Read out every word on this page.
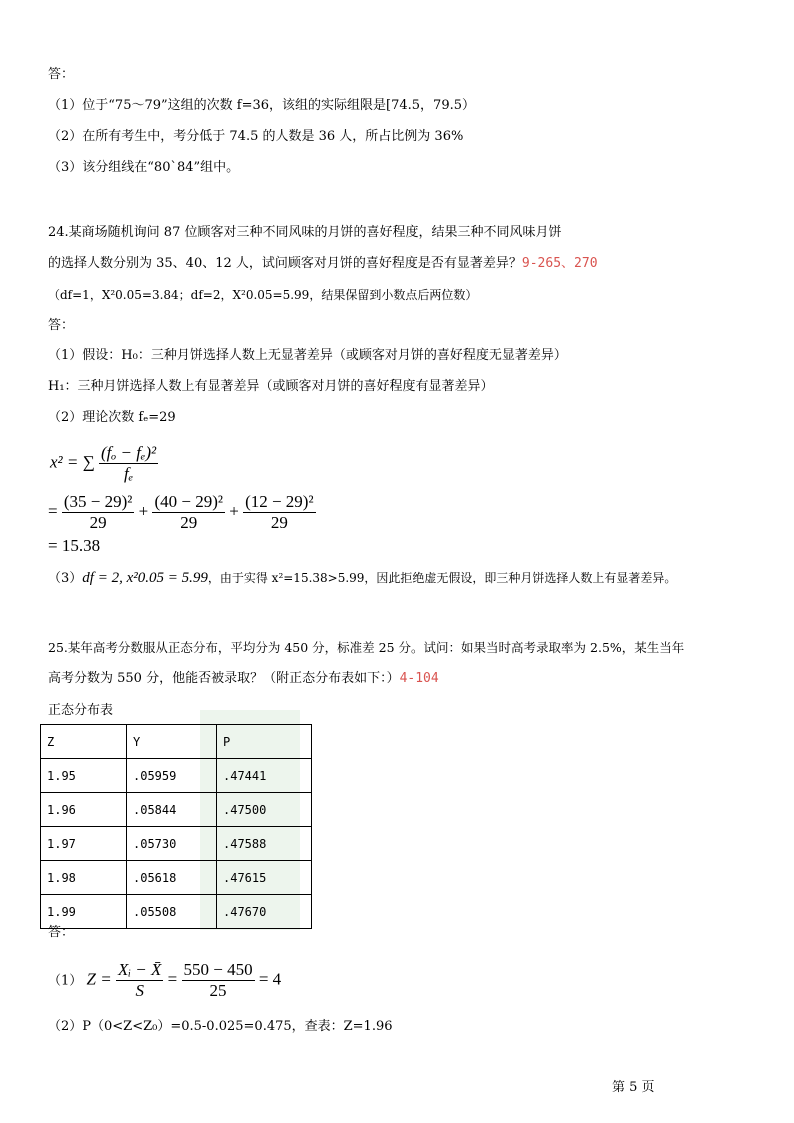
答：
（1）位于“75～79”这组的次数 f=36，该组的实际组限是[74.5，79.5）
（2）在所有考生中，考分低于 74.5 的人数是 36 人，所占比例为 36%
（3）该分组线在“80`84”组中。
24.某商场随机询问 87 位顾客对三种不同风味的月饼的喜好程度，结果三种不同风味月饼
的选择人数分别为 35、40、12 人，试问顾客对月饼的喜好程度是否有显著差异？9-265、270
（df=1，X²0.05=3.84；df=2，X²0.05=5.99，结果保留到小数点后两位数）
答：
（1）假设：H₀：三种月饼选择人数上无显著差异（或顾客对月饼的喜好程度无显著差异）
H₁：三种月饼选择人数上有显著差异（或顾客对月饼的喜好程度有显著差异）
（2）理论次数 fₑ=29
x² = ∑ $\frac{\text{(fₒ − fₑ)²}}{\text{fₑ}}$
= $\frac{\text{(35 − 29)²}}{29} + \frac{\text{(40 − 29)²}}{29} + \frac{\text{(12 − 29)²}}{29}$
= 15.38
（3）df = 2, x²0.05 = 5.99，由于实得 x²=15.38>5.99，因此拒绝虚无假设，即三种月饼选择人数上有显著差异。
25.某年高考分数服从正态分布，平均分为 450 分，标准差 25 分。试问：如果当时高考录取率为 2.5%，某生当年
高考分数为 550 分，他能否被录取？（附正态分布表如下：）4-104
正态分布表
Z	Y	P
1.95	.05959	.47441
1.96	.05844	.47500
1.97	.05730	.47588
1.98	.05618	.47615
1.99	.05508	.47670
答：
（1） $Z = \frac{\text{Xᵢ − X̄}}{S} = \frac{550 - 450}{25} = 4$
（2）P（0<Z<Z₀）=0.5-0.025=0.475，查表：Z=1.96
第 5 页
